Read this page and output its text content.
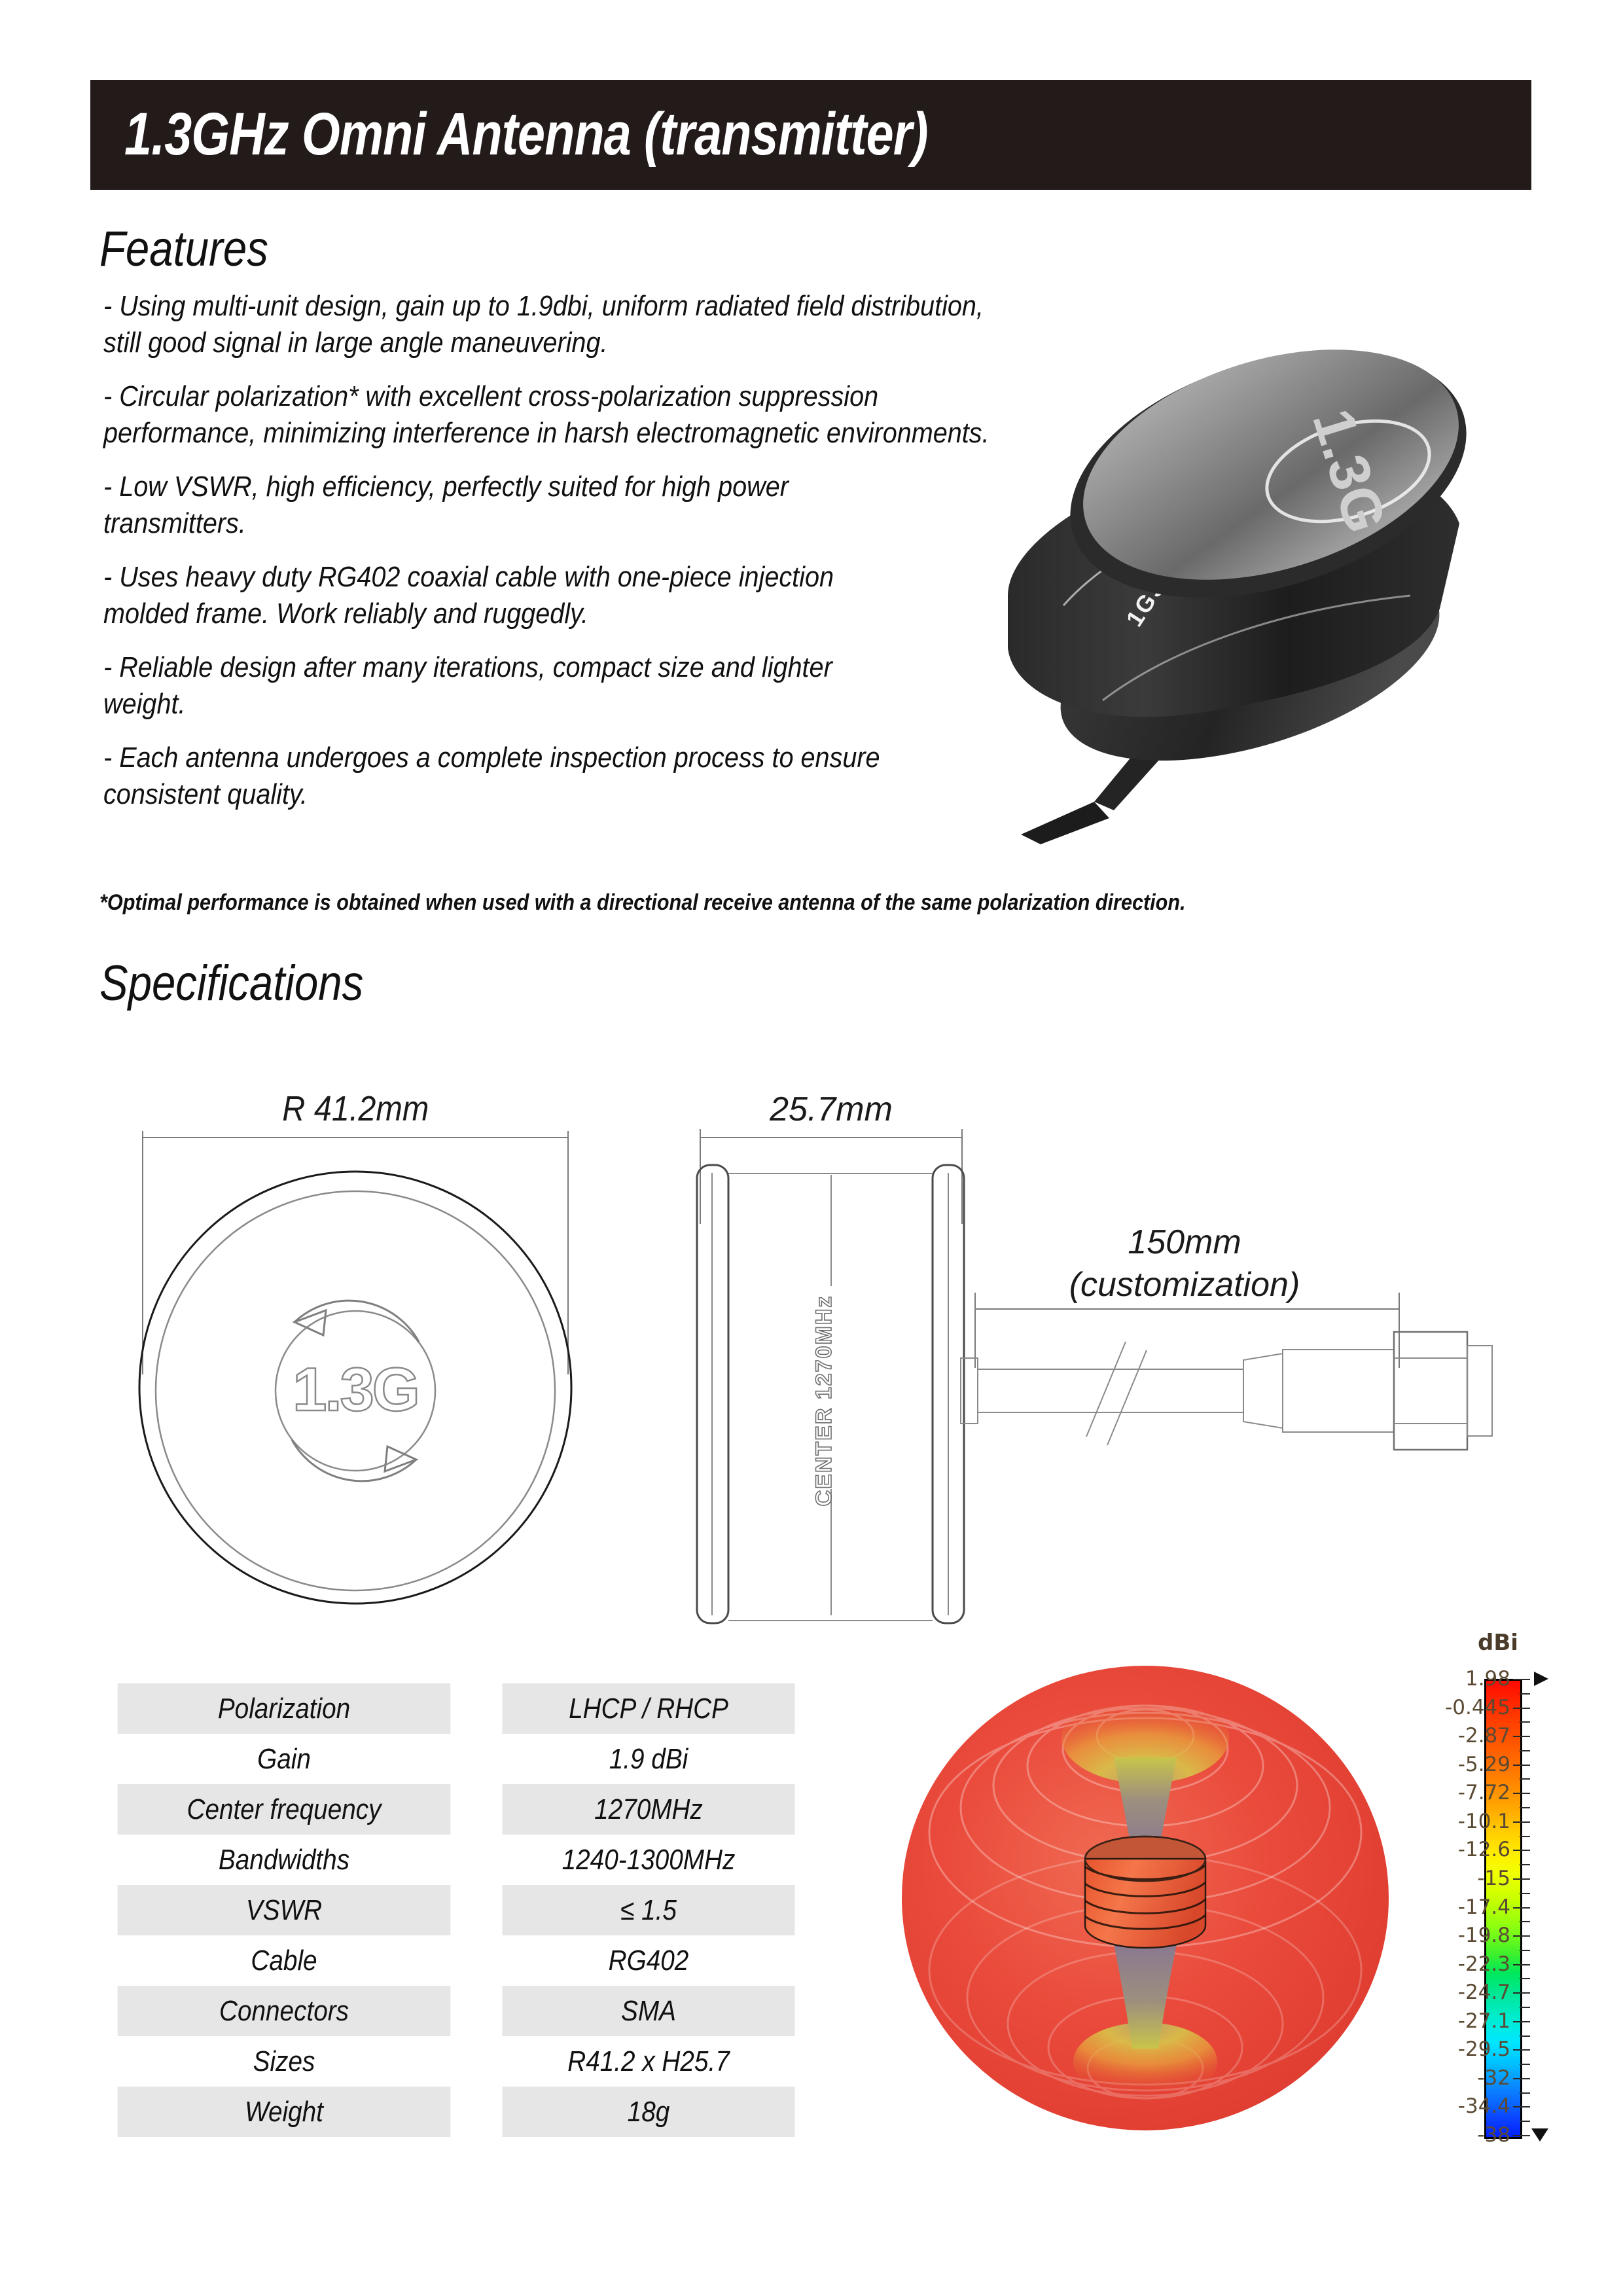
1.3GHz Omni Antenna (transmitter)
Features
- Using multi-unit design, gain up to 1.9dbi, uniform radiated field distribution, still good signal in large angle maneuvering.
- Circular polarization* with excellent cross-polarization suppression performance, minimizing interference in harsh electromagnetic environments.
- Low VSWR, high efficiency, perfectly suited for high power transmitters.
- Uses heavy duty RG402 coaxial cable with one-piece injection molded frame. Work reliably and ruggedly.
- Reliable design after many iterations, compact size and lighter weight.
- Each antenna undergoes a complete inspection process to ensure consistent quality.
*Optimal performance is obtained when used with a directional receive antenna of the same polarization direction.
1.3G
Specifications
R 41.2mm
1.3G
25.7mm
CENTER 1270MHz
150mm
(customization)
Polarization	LHCP / RHCP
Gain	1.9 dBi
Center frequency	1270MHz
Bandwidths	1240-1300MHz
VSWR	≤ 1.5
Cable	RG402
Connectors	SMA
Sizes	R41.2 x H25.7
Weight	18g
dBi
1.98
-0.445
-2.87
-5.29
-7.72
-10.1
-12.6
-15
-17.4
-19.8
-22.3
-24.7
-27.1
-29.5
-32
-34.4
-38
